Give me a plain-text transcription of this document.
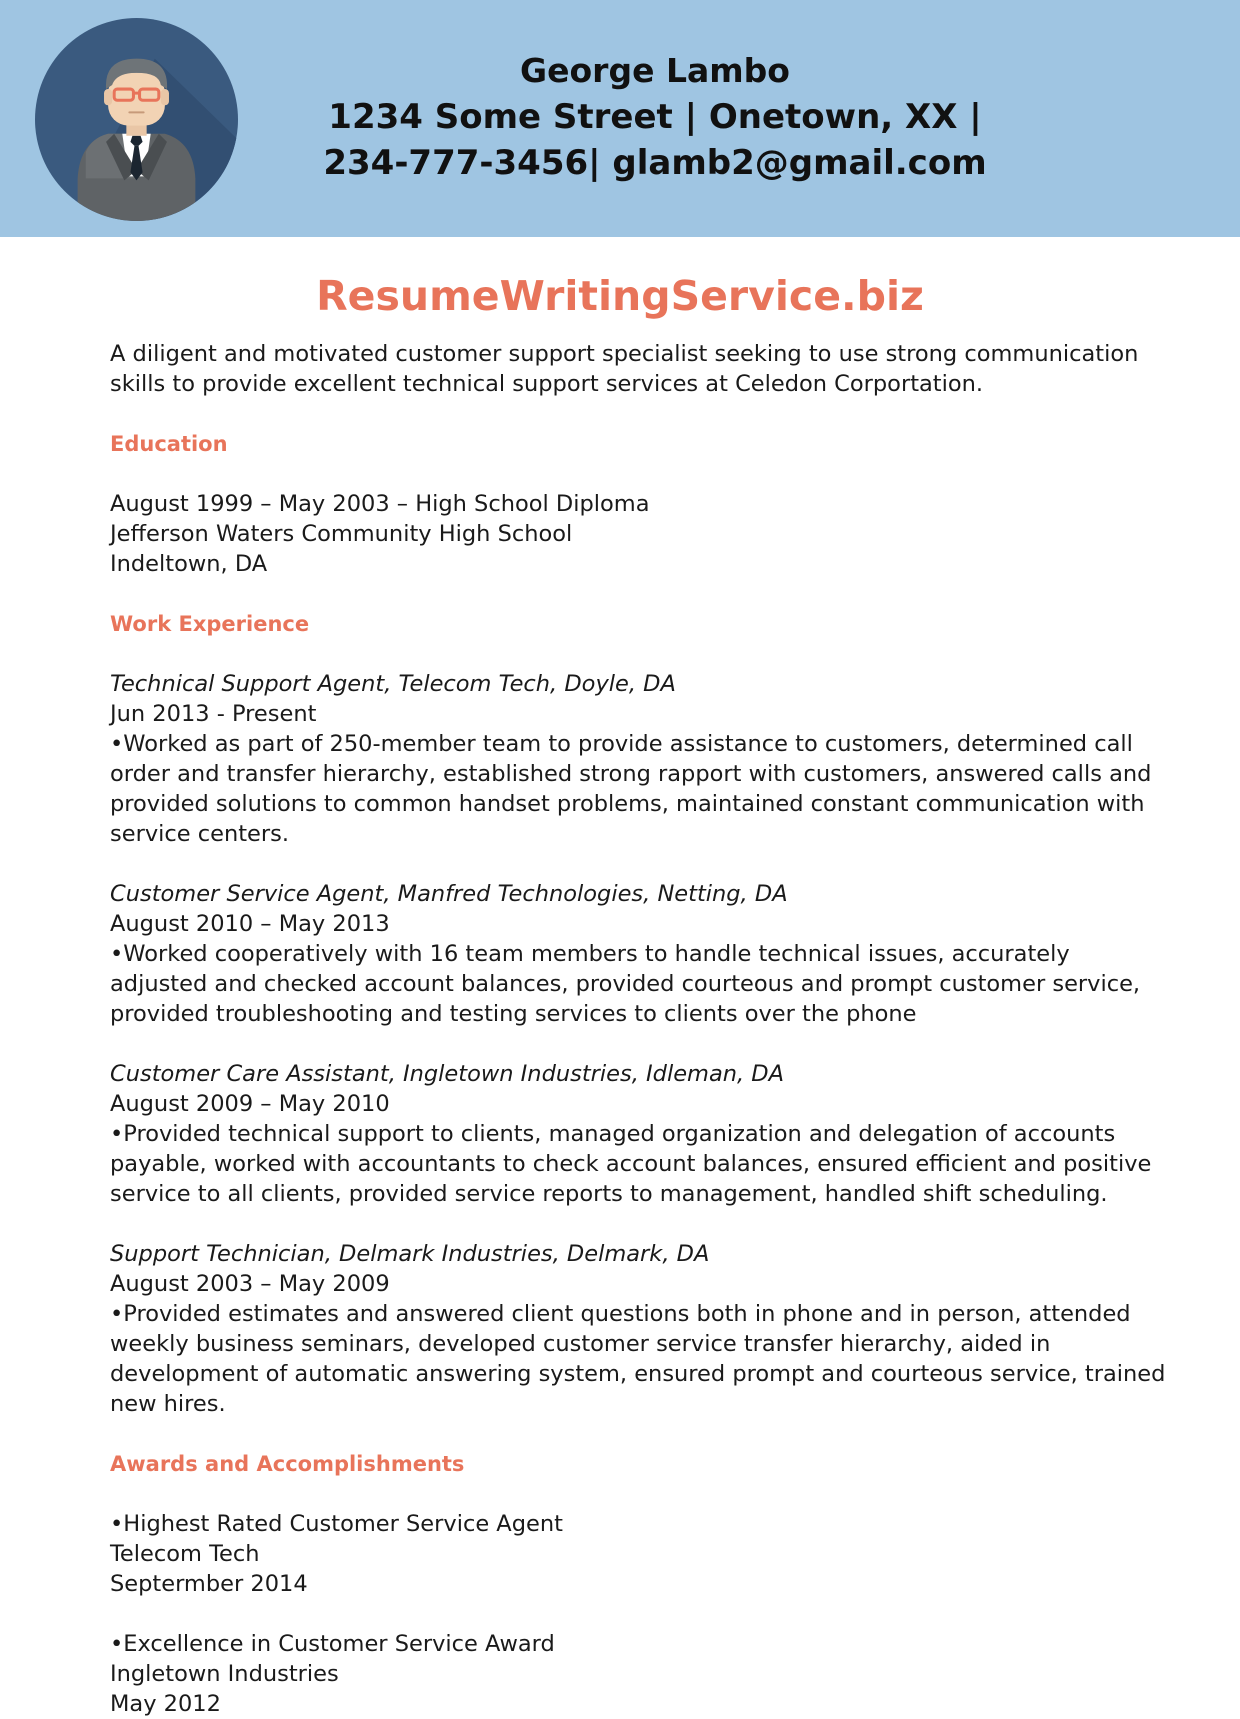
George Lambo
1234 Some Street | Onetown, XX |
234-777-3456| glamb2@gmail.com
ResumeWritingService.biz

A diligent and motivated customer support specialist seeking to use strong communication skills to provide excellent technical support services at Celedon Corportation.

Education

August 1999 – May 2003 – High School Diploma

Jefferson Waters Community High School

Indeltown, DA

Work Experience

Technical Support Agent, Telecom Tech, Doyle, DA

Jun 2013 - Present

• Worked as part of 250-member team to provide assistance to customers, determined call order and transfer hierarchy, established strong rapport with customers, answered calls and provided solutions to common handset problems, maintained constant communication with service centers.

Customer Service Agent, Manfred Technologies, Netting, DA

August 2010 – May 2013

• Worked cooperatively with 16 team members to handle technical issues, accurately adjusted and checked account balances, provided courteous and prompt customer service, provided troubleshooting and testing services to clients over the phone

Customer Care Assistant, Ingletown Industries, Idleman, DA

August 2009 – May 2010

• Provided technical support to clients, managed organization and delegation of accounts payable, worked with accountants to check account balances, ensured efficient and positive service to all clients, provided service reports to management, handled shift scheduling.

Support Technician, Delmark Industries, Delmark, DA

August 2003 – May 2009

• Provided estimates and answered client questions both in phone and in person, attended weekly business seminars, developed customer service transfer hierarchy, aided in development of automatic answering system, ensured prompt and courteous service, trained new hires.

Awards and Accomplishments

• Highest Rated Customer Service Agent

Telecom Tech

Septermber 2014

• Excellence in Customer Service Award

Ingletown Industries

May 2012
